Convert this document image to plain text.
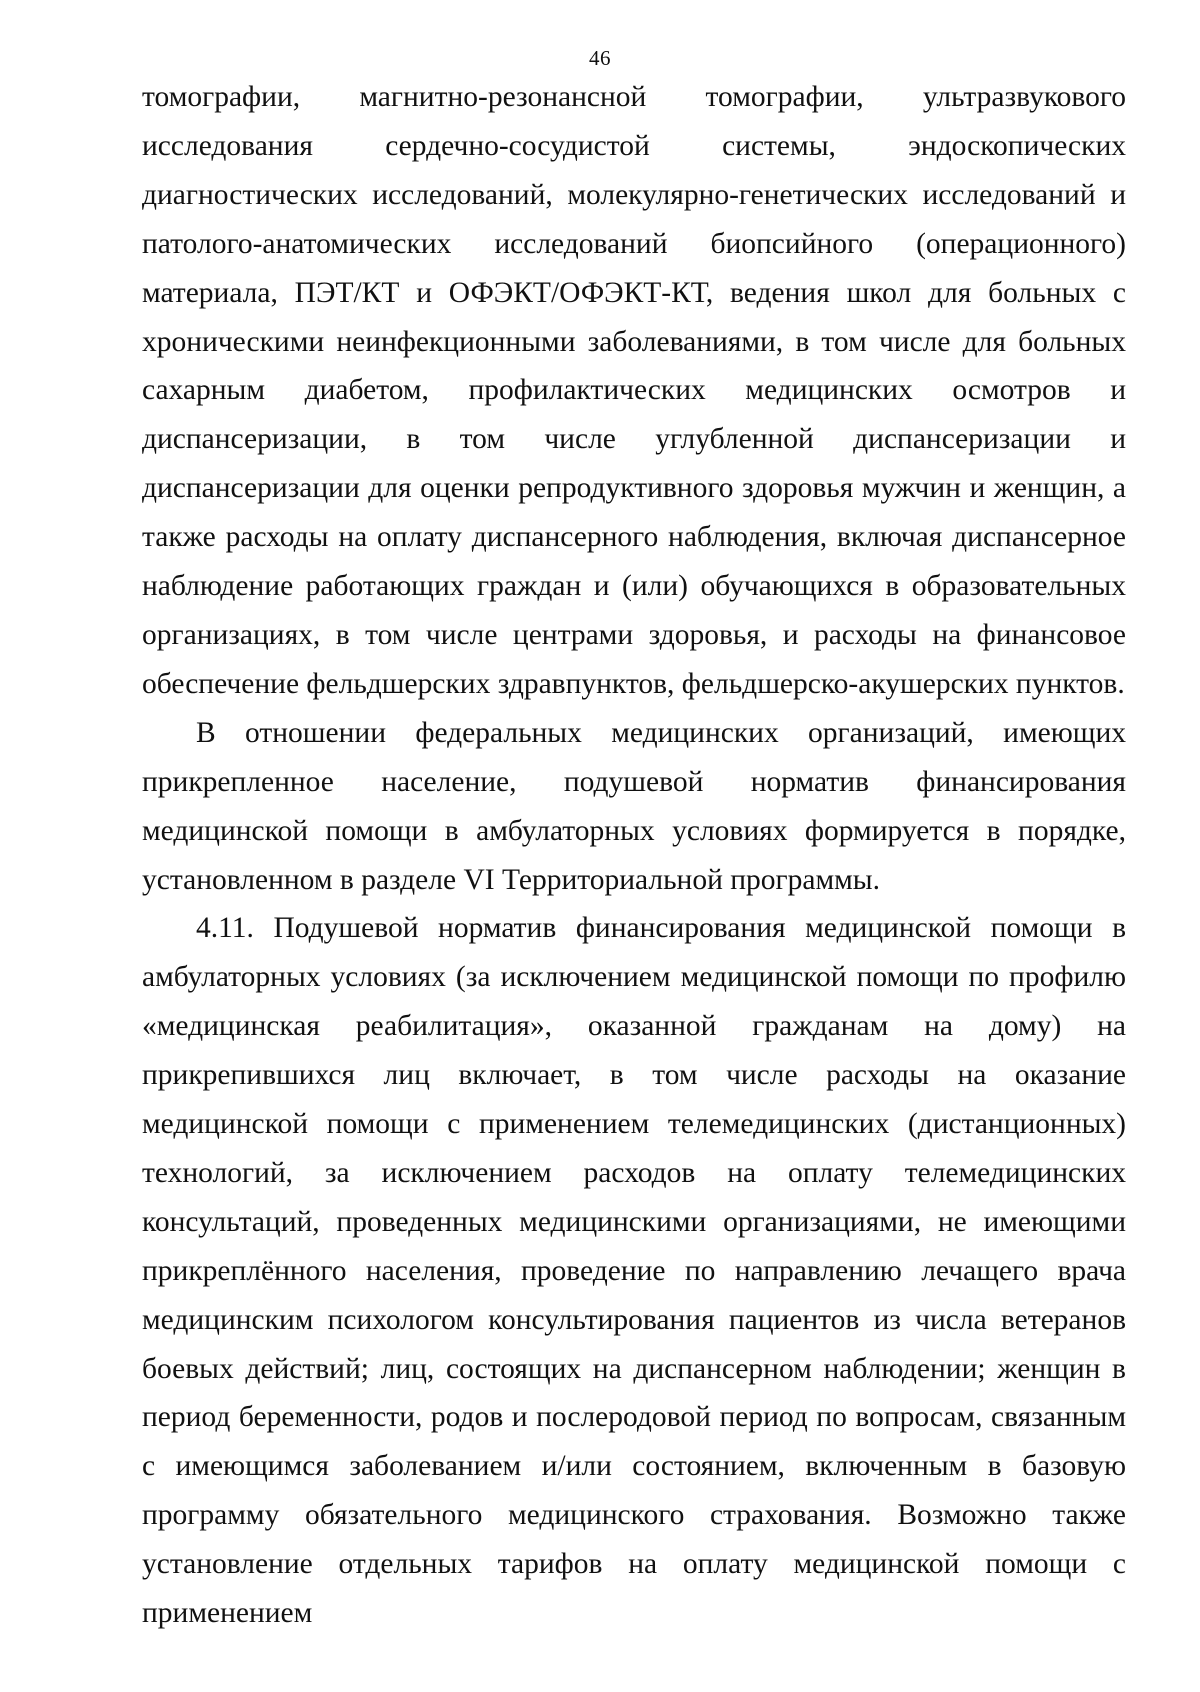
46

томографии, магнитно-резонансной томографии, ультразвукового исследования сердечно-сосудистой системы, эндоскопических диагностических исследований, молекулярно-генетических исследований и патолого-анатомических исследований биопсийного (операционного) материала, ПЭТ/КТ и ОФЭКТ/ОФЭКТ-КТ, ведения школ для больных с хроническими неинфекционными заболеваниями, в том числе для больных сахарным диабетом, профилактических медицинских осмотров и диспансеризации, в том числе углубленной диспансеризации и диспансеризации для оценки репродуктивного здоровья мужчин и женщин, а также расходы на оплату диспансерного наблюдения, включая диспансерное наблюдение работающих граждан и (или) обучающихся в образовательных организациях, в том числе центрами здоровья, и расходы на финансовое обеспечение фельдшерских здравпунктов, фельдшерско-акушерских пунктов.

В отношении федеральных медицинских организаций, имеющих прикрепленное население, подушевой норматив финансирования медицинской помощи в амбулаторных условиях формируется в порядке, установленном в разделе VI Территориальной программы.

4.11. Подушевой норматив финансирования медицинской помощи в амбулаторных условиях (за исключением медицинской помощи по профилю «медицинская реабилитация», оказанной гражданам на дому) на прикрепившихся лиц включает, в том числе расходы на оказание медицинской помощи с применением телемедицинских (дистанционных) технологий, за исключением расходов на оплату телемедицинских консультаций, проведенных медицинскими организациями, не имеющими прикреплённого населения, проведение по направлению лечащего врача медицинским психологом консультирования пациентов из числа ветеранов боевых действий; лиц, состоящих на диспансерном наблюдении; женщин в период беременности, родов и послеродовой период по вопросам, связанным с имеющимся заболеванием и/или состоянием, включенным в базовую программу обязательного медицинского страхования. Возможно также установление отдельных тарифов на оплату медицинской помощи с применением
